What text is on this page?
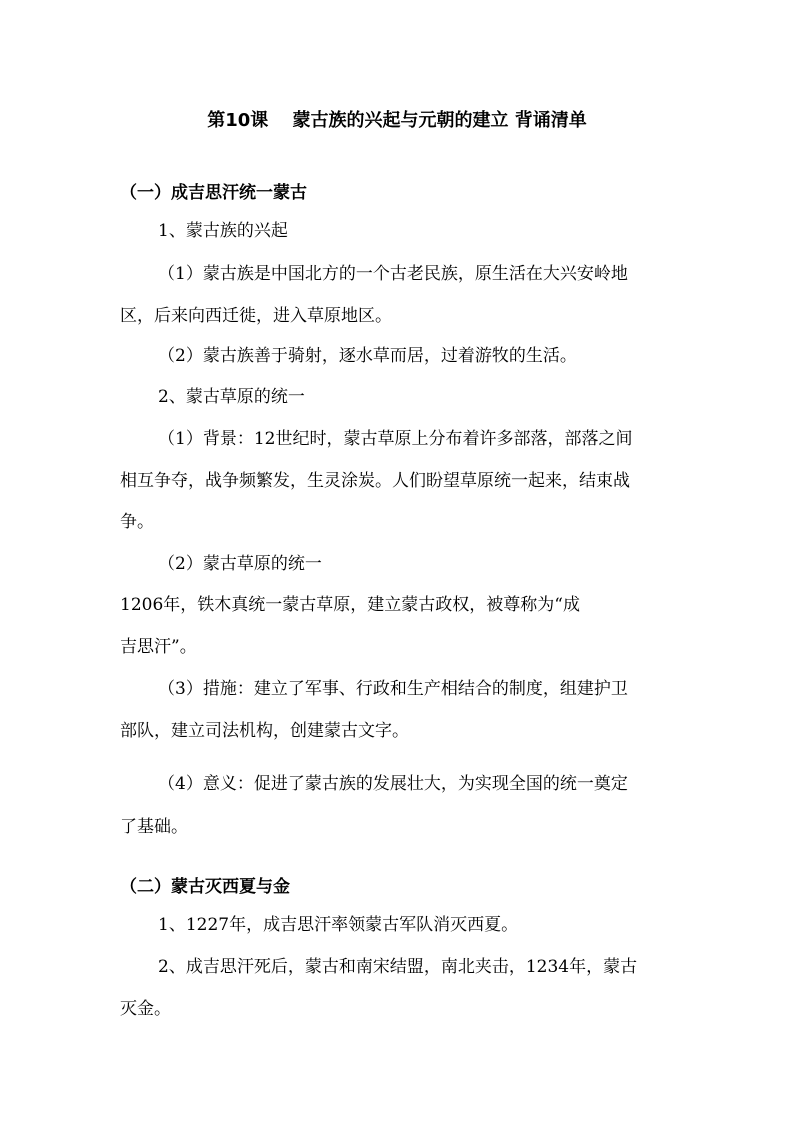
第10课　 蒙古族的兴起与元朝的建立 背诵清单
（一）成吉思汗统一蒙古
1、蒙古族的兴起
（1）蒙古族是中国北方的一个古老民族，原生活在大兴安岭地
区，后来向西迁徙，进入草原地区。
（2）蒙古族善于骑射，逐水草而居，过着游牧的生活。
2、蒙古草原的统一
（1）背景：12世纪时，蒙古草原上分布着许多部落，部落之间
相互争夺，战争频繁发，生灵涂炭。人们盼望草原统一起来，结束战
争。
（2）蒙古草原的统一
1206年，铁木真统一蒙古草原，建立蒙古政权，被尊称为“成
吉思汗”。
（3）措施：建立了军事、行政和生产相结合的制度，组建护卫
部队，建立司法机构，创建蒙古文字。
（4）意义：促进了蒙古族的发展壮大，为实现全国的统一奠定
了基础。
（二）蒙古灭西夏与金
1、1227年，成吉思汗率领蒙古军队消灭西夏。
2、成吉思汗死后，蒙古和南宋结盟，南北夹击，1234年，蒙古
灭金。
